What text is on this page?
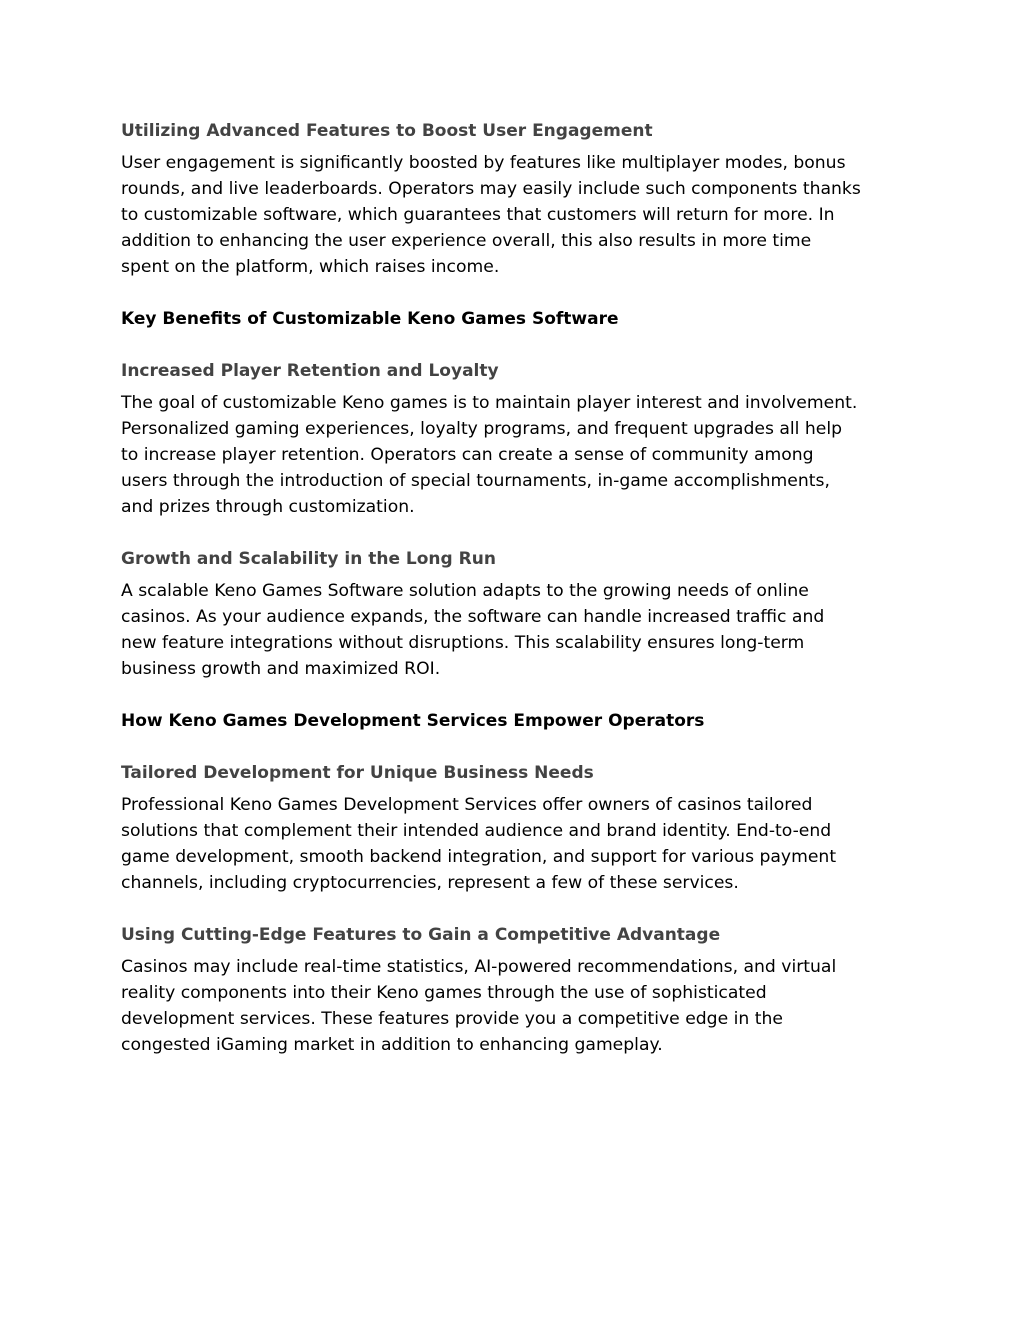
Utilizing Advanced Features to Boost User Engagement
User engagement is significantly boosted by features like multiplayer modes, bonus
rounds, and live leaderboards. Operators may easily include such components thanks
to customizable software, which guarantees that customers will return for more. In
addition to enhancing the user experience overall, this also results in more time
spent on the platform, which raises income.
Key Benefits of Customizable Keno Games Software
Increased Player Retention and Loyalty
The goal of customizable Keno games is to maintain player interest and involvement.
Personalized gaming experiences, loyalty programs, and frequent upgrades all help
to increase player retention. Operators can create a sense of community among
users through the introduction of special tournaments, in-game accomplishments,
and prizes through customization.
Growth and Scalability in the Long Run
A scalable Keno Games Software solution adapts to the growing needs of online
casinos. As your audience expands, the software can handle increased traffic and
new feature integrations without disruptions. This scalability ensures long-term
business growth and maximized ROI.
How Keno Games Development Services Empower Operators
Tailored Development for Unique Business Needs
Professional Keno Games Development Services offer owners of casinos tailored
solutions that complement their intended audience and brand identity. End-to-end
game development, smooth backend integration, and support for various payment
channels, including cryptocurrencies, represent a few of these services.
Using Cutting-Edge Features to Gain a Competitive Advantage
Casinos may include real-time statistics, AI-powered recommendations, and virtual
reality components into their Keno games through the use of sophisticated
development services. These features provide you a competitive edge in the
congested iGaming market in addition to enhancing gameplay.
